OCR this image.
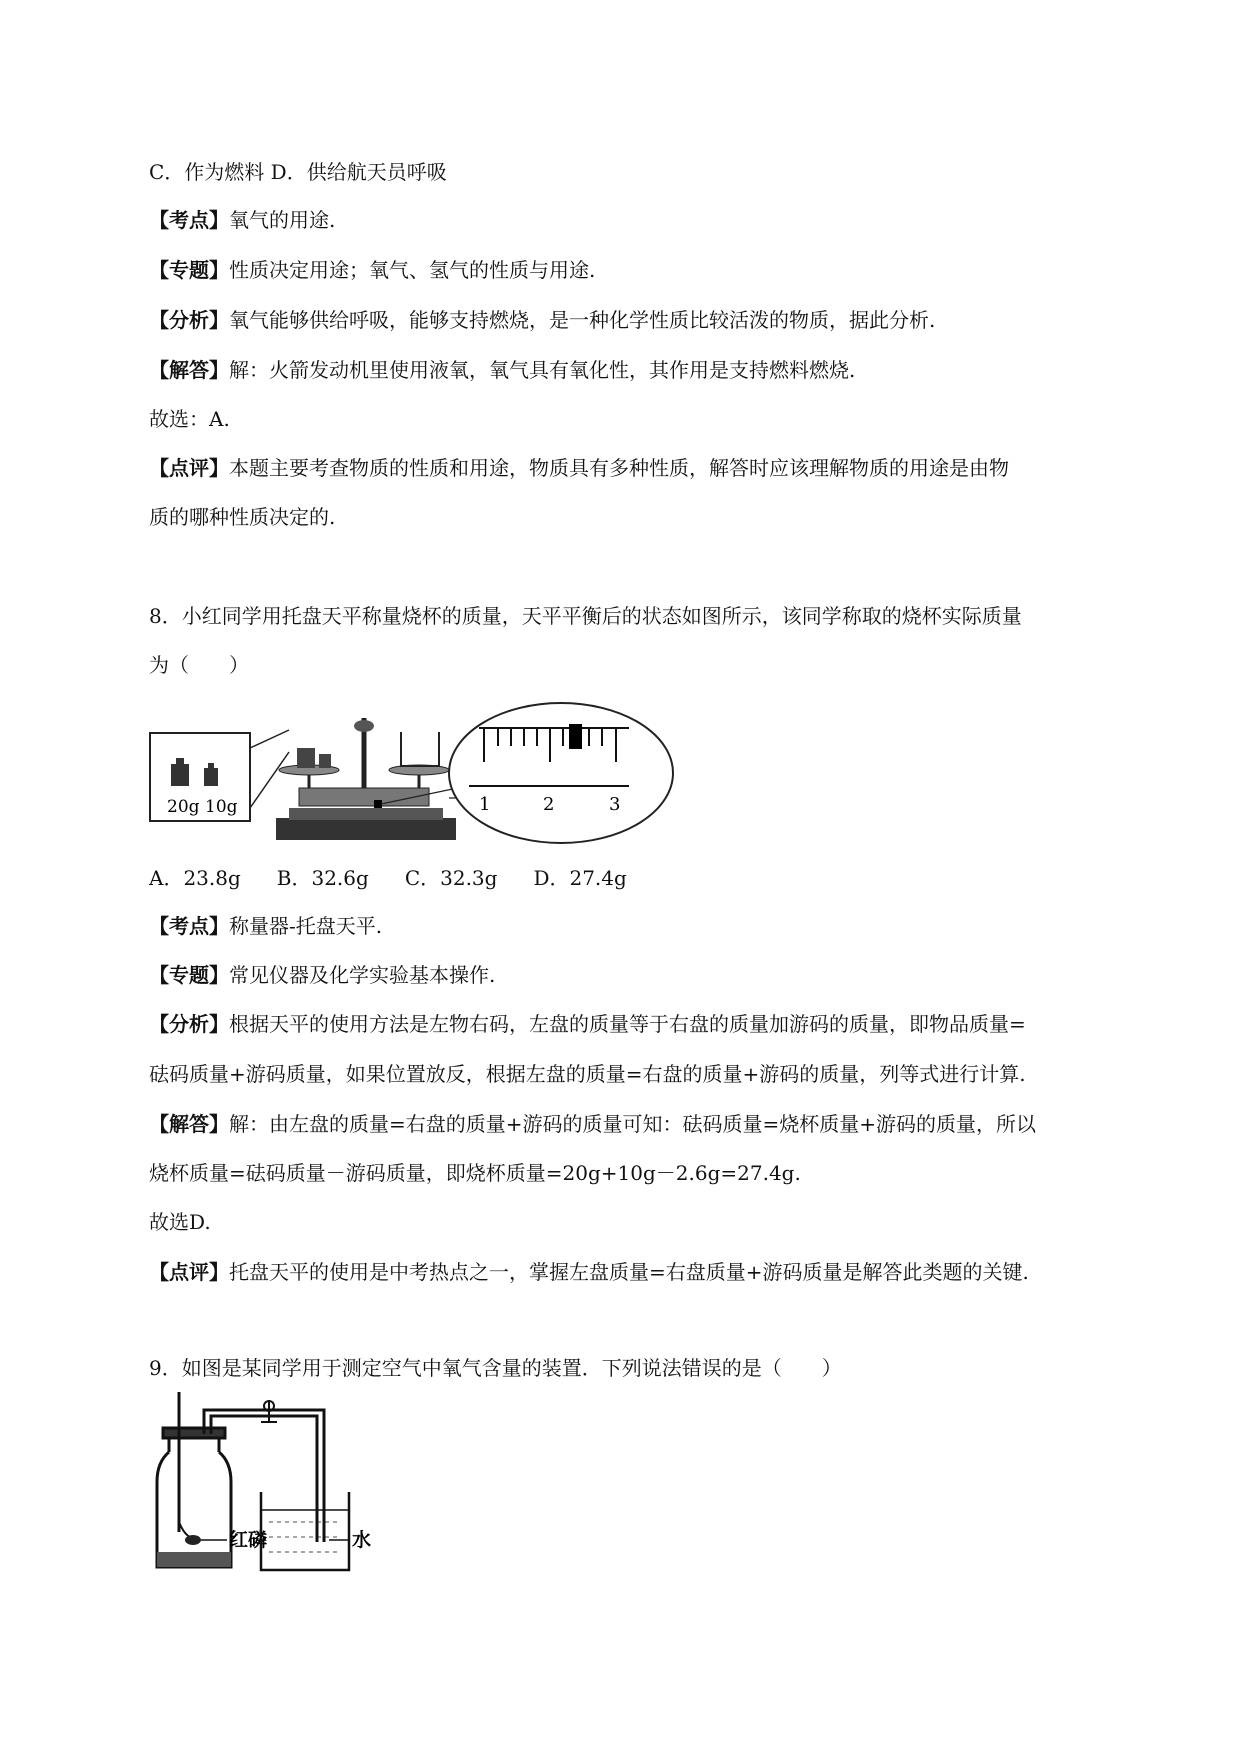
C．作为燃料 D．供给航天员呼吸
【考点】氧气的用途.
【专题】性质决定用途；氧气、氢气的性质与用途.
【分析】氧气能够供给呼吸，能够支持燃烧，是一种化学性质比较活泼的物质，据此分析.
【解答】解：火箭发动机里使用液氧，氧气具有氧化性，其作用是支持燃料燃烧.
故选：A.
【点评】本题主要考查物质的性质和用途，物质具有多种性质，解答时应该理解物质的用途是由物
质的哪种性质决定的.
8．小红同学用托盘天平称量烧杯的质量，天平平衡后的状态如图所示，该同学称取的烧杯实际质量
为（　　）
20g 10g	1	2	3
A．23.8g B．32.6g C．32.3g D．27.4g
【考点】称量器-托盘天平.
【专题】常见仪器及化学实验基本操作.
【分析】根据天平的使用方法是左物右码，左盘的质量等于右盘的质量加游码的质量，即物品质量=
砝码质量+游码质量，如果位置放反，根据左盘的质量=右盘的质量+游码的质量，列等式进行计算.
【解答】解：由左盘的质量=右盘的质量+游码的质量可知：砝码质量=烧杯质量+游码的质量，所以
烧杯质量=砝码质量－游码质量，即烧杯质量=20g+10g－2.6g=27.4g.
故选D.
【点评】托盘天平的使用是中考热点之一，掌握左盘质量=右盘质量+游码质量是解答此类题的关键.
9．如图是某同学用于测定空气中氧气含量的装置．下列说法错误的是（　　）
红磷	水
